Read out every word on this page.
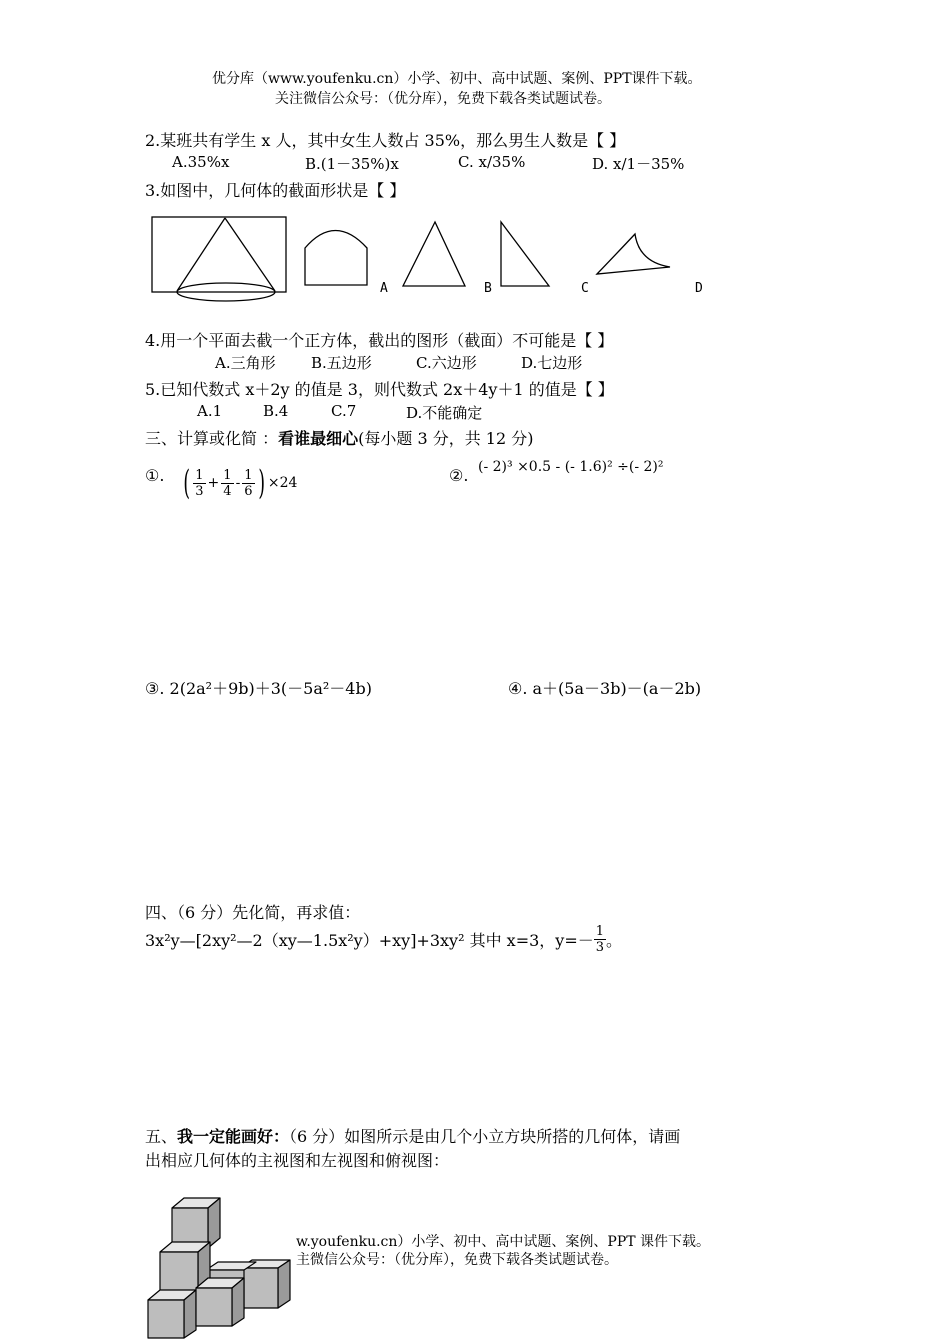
优分库（www.youfenku.cn）小学、初中、高中试题、案例、PPT课件下载。
关注微信公众号：（优分库），免费下载各类试题试卷。
2.某班共有学生 x 人，其中女生人数占 35%，那么男生人数是【 】
A.35%x	B.(1－35%)x	C. x/35%	D. x/1－35%
3.如图中，几何体的截面形状是【 】
A	B	C	D
4.用一个平面去截一个正方体，截出的图形（截面）不可能是【 】
A.三角形 B.五边形	C.六边形	D.七边形
5.已知代数式 x＋2y 的值是 3，则代数式 2x＋4y＋1 的值是【 】
A.1	B.4	C.7	D.不能确定
三、计算或化简 ：看谁最细心(每小题 3 分，共 12 分)
①. ( $\frac{1}{3} + \frac{1}{4} - \frac{1}{6}$ ) ×24	②. (- 2)³ ×0.5 - (- 1.6)² ÷(- 2)²
③. 2(2a²＋9b)＋3(－5a²－4b)	④. a＋(5a－3b)－(a－2b)
四、（6 分）先化简，再求值：
3x²y—[2xy²—2（xy—1.5x²y）+xy]+3xy² 其中 x=3，$y=- \frac{1}{3}$ 。
五、我一定能画好：（6 分）如图所示是由几个小立方块所搭的几何体，请画
出相应几何体的主视图和左视图和俯视图：
w.youfenku.cn）小学、初中、高中试题、案例、PPT 课件下载。
主微信公众号：（优分库），免费下载各类试题试卷。
